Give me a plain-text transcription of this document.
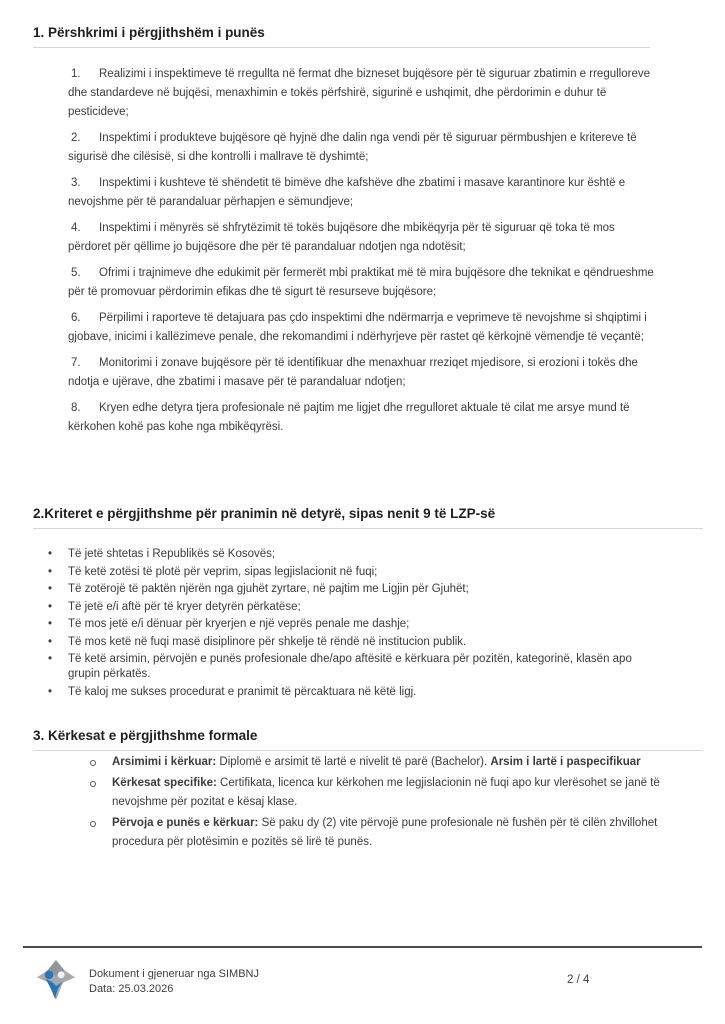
1. Përshkrimi i përgjithshëm i punës

1. Realizimi i inspektimeve të rregullta në fermat dhe bizneset bujqësore për të siguruar zbatimin e rregulloreve dhe standardeve në bujqësi, menaxhimin e tokës përfshirë, sigurinë e ushqimit, dhe përdorimin e duhur të pesticideve;

2. Inspektimi i produkteve bujqësore që hyjnë dhe dalin nga vendi për të siguruar përmbushjen e kritereve të sigurisë dhe cilësisë, si dhe kontrolli i mallrave të dyshimtë;

3. Inspektimi i kushteve të shëndetit të bimëve dhe kafshëve dhe zbatimi i masave karantinore kur është e nevojshme për të parandaluar përhapjen e sëmundjeve;

4. Inspektimi i mënyrës së shfrytëzimit të tokës bujqësore dhe mbikëqyrja për të siguruar që toka të mos përdoret për qëllime jo bujqësore dhe për të parandaluar ndotjen nga ndotësit;

5. Ofrimi i trajnimeve dhe edukimit për fermerët mbi praktikat më të mira bujqësore dhe teknikat e qëndrueshme për të promovuar përdorimin efikas dhe të sigurt të resurseve bujqësore;

6. Përpilimi i raporteve të detajuara pas çdo inspektimi dhe ndërmarrja e veprimeve të nevojshme si shqiptimi i gjobave, inicimi i kallëzimeve penale, dhe rekomandimi i ndërhyrjeve për rastet që kërkojnë vëmendje të veçantë;

7. Monitorimi i zonave bujqësore për të identifikuar dhe menaxhuar rreziqet mjedisore, si erozioni i tokës dhe ndotja e ujërave, dhe zbatimi i masave për të parandaluar ndotjen;

8. Kryen edhe detyra tjera profesionale në pajtim me ligjet dhe rregulloret aktuale të cilat me arsye mund të kërkohen kohë pas kohe nga mbikëqyrësi.

2.Kriteret e përgjithshme për pranimin në detyrë, sipas nenit 9 të LZP-së
• Të jetë shtetas i Republikës së Kosovës;
• Të ketë zotësi të plotë për veprim, sipas legjislacionit në fuqi;
• Të zotërojë të paktën njërën nga gjuhët zyrtare, në pajtim me Ligjin për Gjuhët;
• Të jetë e/i aftë për të kryer detyrën përkatëse;
• Të mos jetë e/i dënuar për kryerjen e një veprës penale me dashje;
• Të mos ketë në fuqi masë disiplinore për shkelje të rëndë në institucion publik.
• Të ketë arsimin, përvojën e punës profesionale dhe/apo aftësitë e kërkuara për pozitën, kategorinë, klasën apo grupin përkatës.
• Të kaloj me sukses procedurat e pranimit të përcaktuara në këtë ligj.
3. Kërkesat e përgjithshme formale
Arsimimi i kërkuar: Diplomë e arsimit të lartë e nivelit të parë (Bachelor). Arsim i lartë i paspecifikuar
Kërkesat specifike: Certifikata, licenca kur kërkohen me legjislacionin në fuqi apo kur vlerësohet se janë të nevojshme për pozitat e kësaj klase.
Përvoja e punës e kërkuar: Së paku dy (2) vite përvojë pune profesionale në fushën për të cilën zhvillohet procedura për plotësimin e pozitës së lirë të punës.
Dokument i gjeneruar nga SIMBNJ
Data: 25.03.2026
2 / 4
